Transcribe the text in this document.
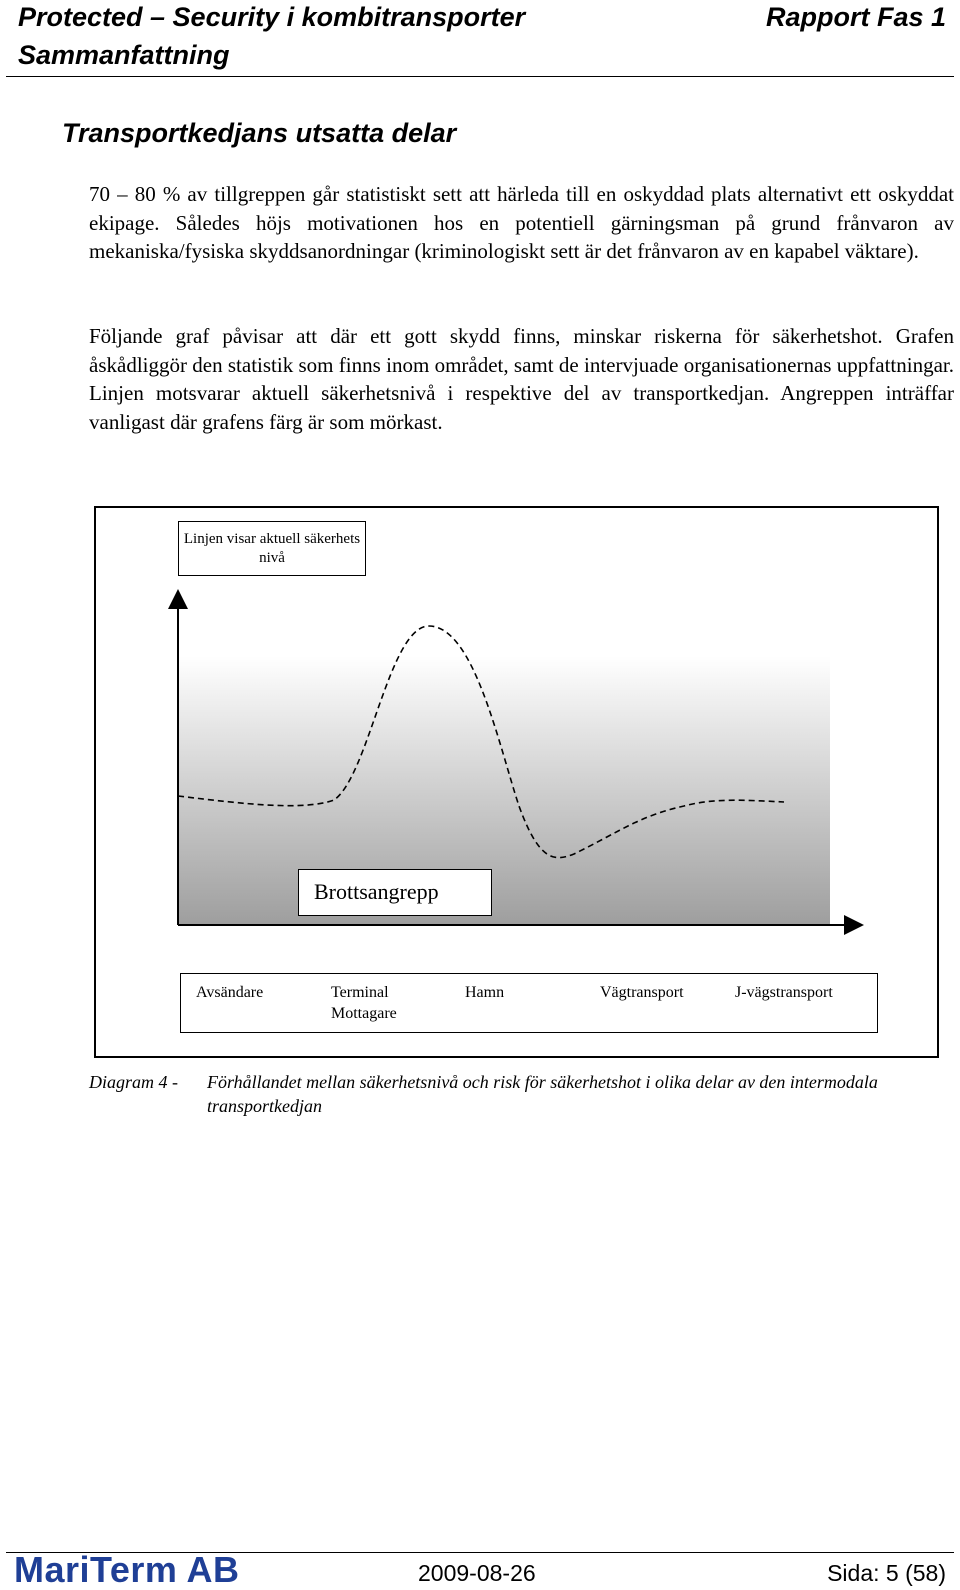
Protected – Security i kombitransporter
Sammanfattning
Rapport Fas 1
Transportkedjans utsatta delar
70 – 80 % av tillgreppen går statistiskt sett att härleda till en oskyddad plats alternativt ett oskyddat ekipage. Således höjs motivationen hos en potentiell gärningsman på grund frånvaron av mekaniska/fysiska skyddsanordningar (kriminologiskt sett är det frånvaron av en kapabel väktare).
Följande graf påvisar att där ett gott skydd finns, minskar riskerna för säkerhetshot. Grafen åskådliggör den statistik som finns inom området, samt de intervjuade organisationernas uppfattningar. Linjen motsvarar aktuell säkerhetsnivå i respektive del av transportkedjan. Angreppen inträffar vanligast där grafens färg är som mörkast.
Linjen visar aktuell säkerhets nivå
Brottsangrepp
Avsändare	Terminal
Mottagare
Hamn	Vägtransport	J-vägstransport
Diagram 4 - Förhållandet mellan säkerhetsnivå och risk för säkerhetshot i olika delar av den intermodala transportkedjan
MariTerm AB	2009-08-26	Sida: 5 (58)
